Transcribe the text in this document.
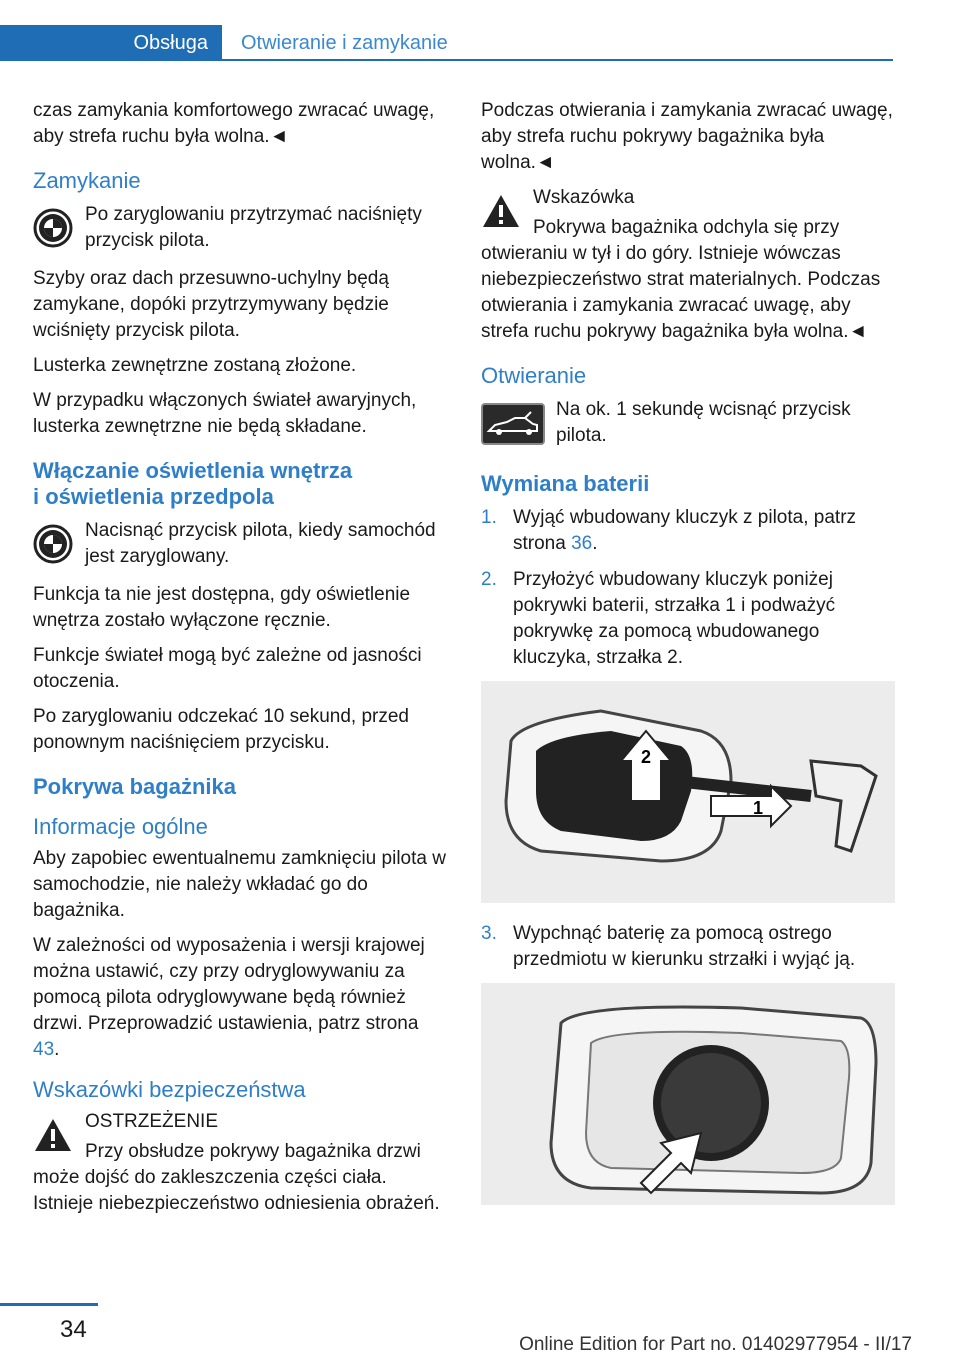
Obsługa	Otwieranie i zamykanie

czas zamykania komfortowego zwracać uwagę, aby strefa ruchu była wolna.◄

Zamykanie

Po zaryglowaniu przytrzymać naciśnięty przycisk pilota.

Szyby oraz dach przesuwno-uchylny będą zamykane, dopóki przytrzymywany będzie wciśnięty przycisk pilota.

Lusterka zewnętrzne zostaną złożone.

W przypadku włączonych świateł awaryjnych, lusterka zewnętrzne nie będą składane.

Włączanie oświetlenia wnętrza
i oświetlenia przedpola

Nacisnąć przycisk pilota, kiedy samochód jest zaryglowany.

Funkcja ta nie jest dostępna, gdy oświetlenie wnętrza zostało wyłączone ręcznie.

Funkcje świateł mogą być zależne od jasności otoczenia.

Po zaryglowaniu odczekać 10 sekund, przed ponownym naciśnięciem przycisku.

Pokrywa bagażnika
Informacje ogólne

Aby zapobiec ewentualnemu zamknięciu pilota w samochodzie, nie należy wkładać go do bagażnika.

W zależności od wyposażenia i wersji krajowej można ustawić, czy przy odryglowywaniu za pomocą pilota odryglowywane będą również drzwi. Przeprowadzić ustawienia, patrz strona 43.

Wskazówki bezpieczeństwa
OSTRZEŻENIE

Przy obsłudze pokrywy bagażnika drzwi może dojść do zakleszczenia części ciała. Istnieje niebezpieczeństwo odniesienia obrażeń.

Podczas otwierania i zamykania zwracać uwagę, aby strefa ruchu pokrywy bagażnika była wolna.◄

Wskazówka

Pokrywa bagażnika odchyla się przy otwieraniu w tył i do góry. Istnieje wówczas niebezpieczeństwo strat materialnych. Podczas otwierania i zamykania zwracać uwagę, aby strefa ruchu pokrywy bagażnika była wolna.◄

Otwieranie

Na ok. 1 sekundę wcisnąć przycisk pilota.

Wymiana baterii
1. Wyjąć wbudowany kluczyk z pilota, patrz strona 36.
2. Przyłożyć wbudowany kluczyk poniżej pokrywki baterii, strzałka 1 i podważyć pokrywkę za pomocą wbudowanego kluczyka, strzałka 2.
1
2
3. Wypchnąć baterię za pomocą ostrego przedmiotu w kierunku strzałki i wyjąć ją.
34
Online Edition for Part no. 01402977954 - II/17
